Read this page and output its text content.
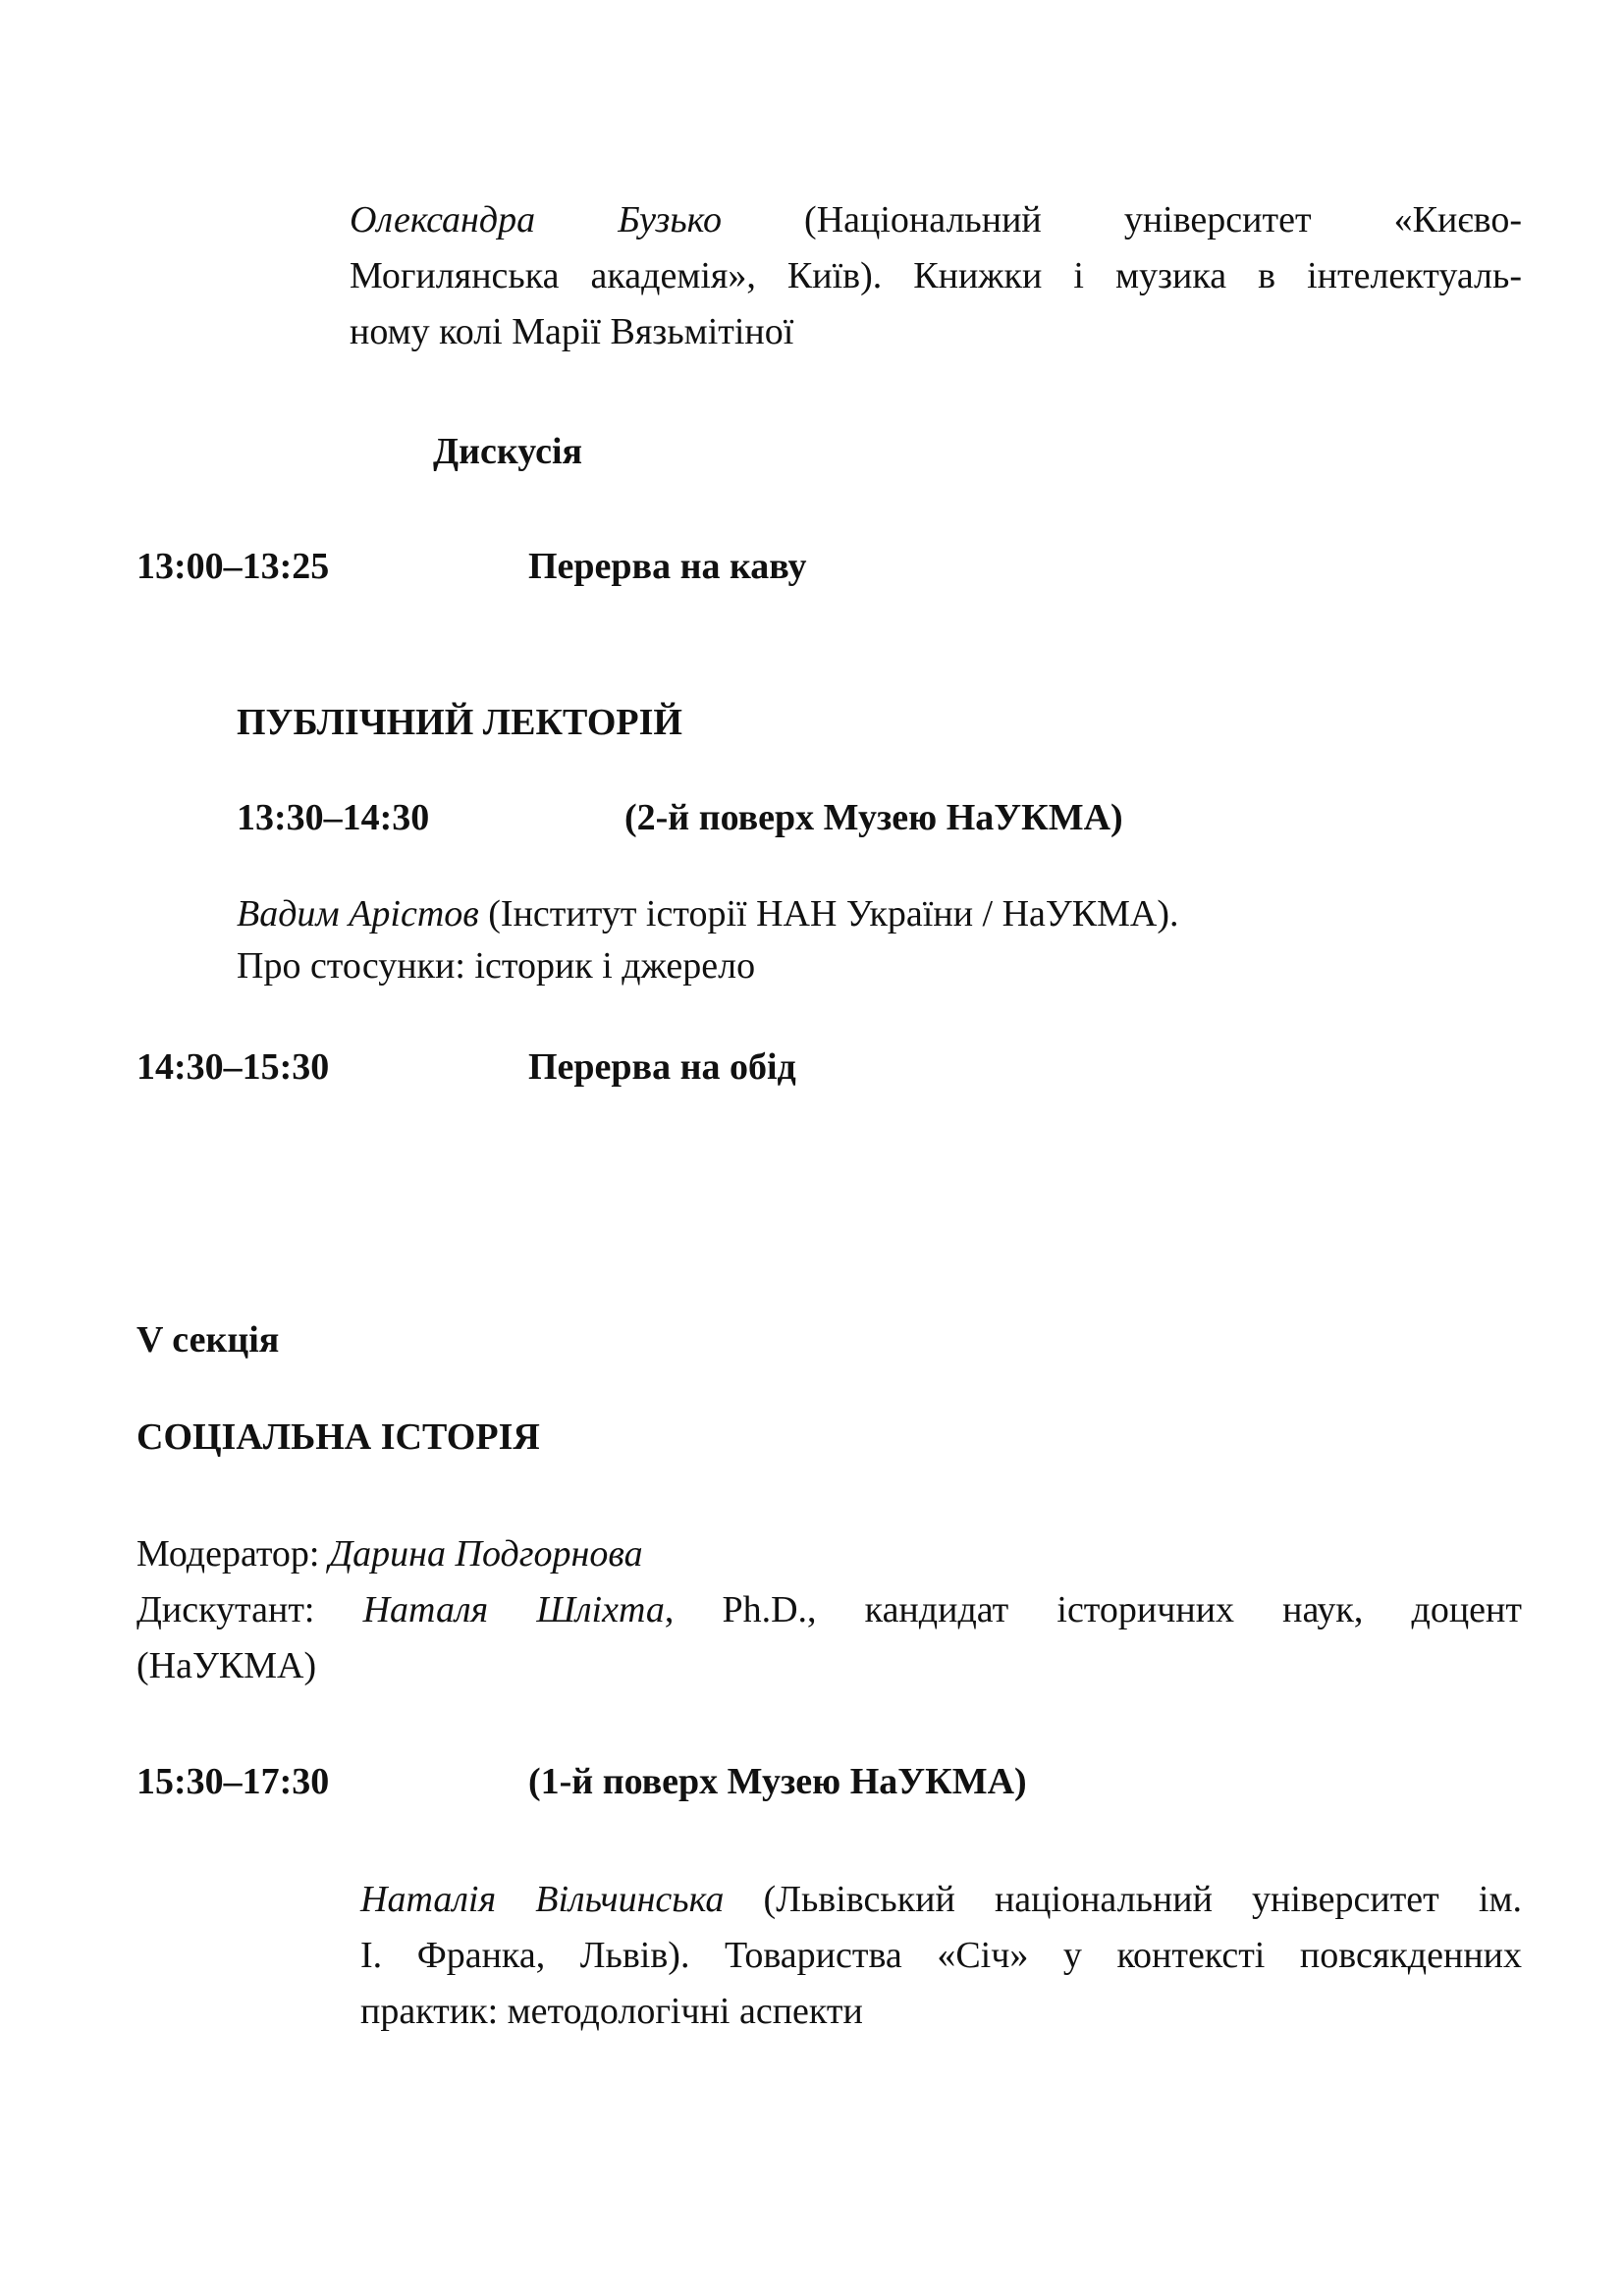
Олександра Бузько (Національний університет «Києво-
Могилянська академія», Київ). Книжки і музика в інтелектуаль-
ному колі Марії Вязьмітіної
Дискусія
13:00–13:25	Перерва на каву
ПУБЛІЧНИЙ ЛЕКТОРІЙ
13:30–14:30	(2-й поверх Музею НаУКМА)
Вадим Арістов (Інститут історії НАН України / НаУКМА).
Про стосунки: історик і джерело
14:30–15:30	Перерва на обід
V секція
СОЦІАЛЬНА ІСТОРІЯ
Модератор: Дарина Подгорнова
Дискутант: Наталя Шліхта, Ph.D., кандидат історичних наук, доцент
(НаУКМА)
15:30–17:30	(1-й поверх Музею НаУКМА)
Наталія Вільчинська (Львівський національний університет ім.
І. Франка, Львів). Товариства «Січ» у контексті повсякденних
практик: методологічні аспекти
